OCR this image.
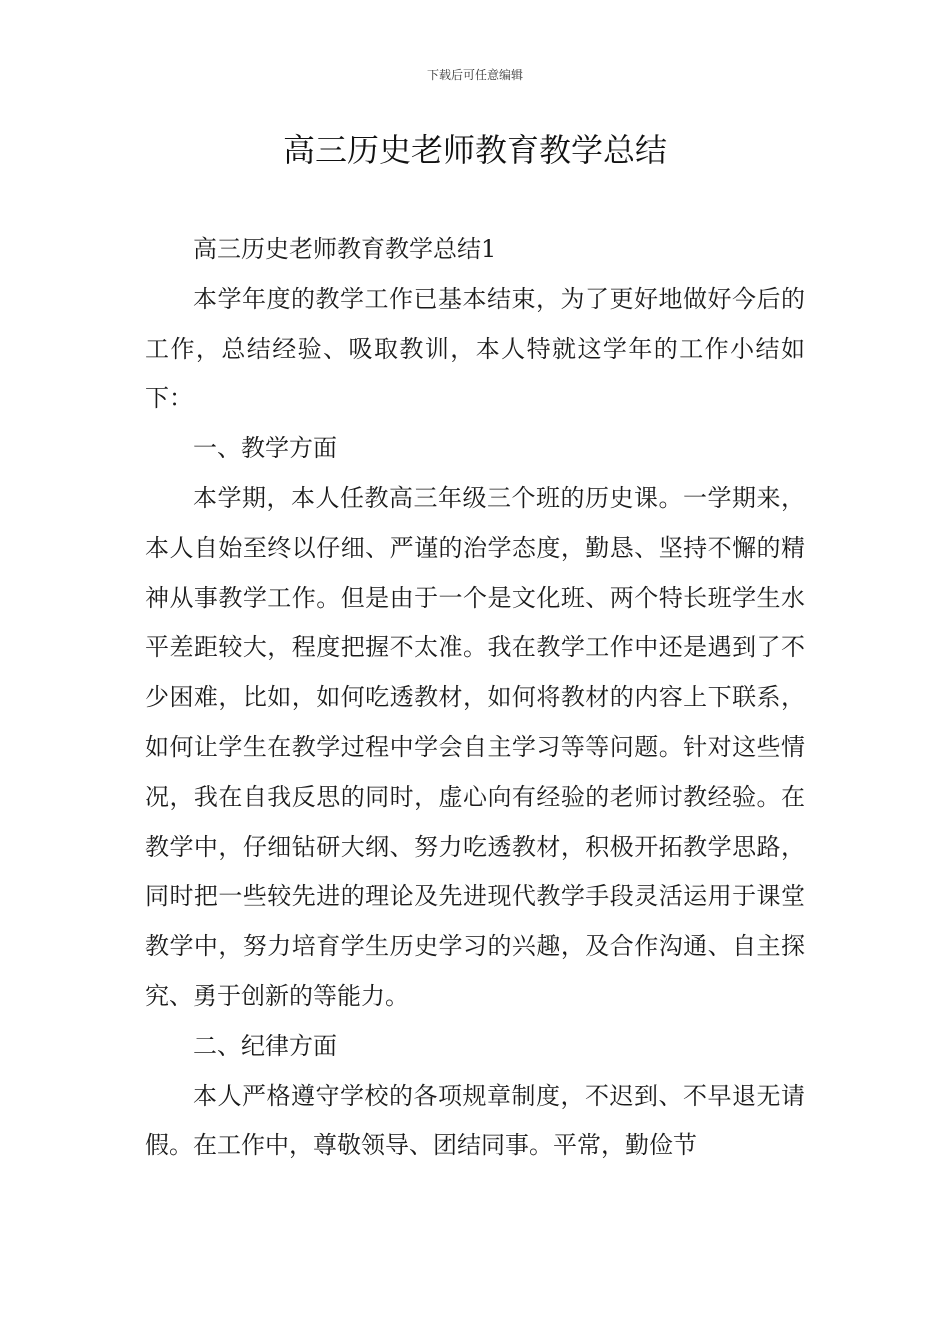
下载后可任意编辑
高三历史老师教育教学总结

高三历史老师教育教学总结1

本学年度的教学工作已基本结束，为了更好地做好今后的工作，总结经验、吸取教训，本人特就这学年的工作小结如下：

一、教学方面

本学期，本人任教高三年级三个班的历史课。一学期来，本人自始至终以仔细、严谨的治学态度，勤恳、坚持不懈的精神从事教学工作。但是由于一个是文化班、两个特长班学生水平差距较大，程度把握不太准。我在教学工作中还是遇到了不少困难，比如，如何吃透教材，如何将教材的内容上下联系，如何让学生在教学过程中学会自主学习等等问题。针对这些情况，我在自我反思的同时，虚心向有经验的老师讨教经验。在教学中，仔细钻研大纲、努力吃透教材，积极开拓教学思路，同时把一些较先进的理论及先进现代教学手段灵活运用于课堂教学中，努力培育学生历史学习的兴趣，及合作沟通、自主探究、勇于创新的等能力。

二、纪律方面

本人严格遵守学校的各项规章制度，不迟到、不早退无请假。在工作中，尊敬领导、团结同事。平常，勤俭节
